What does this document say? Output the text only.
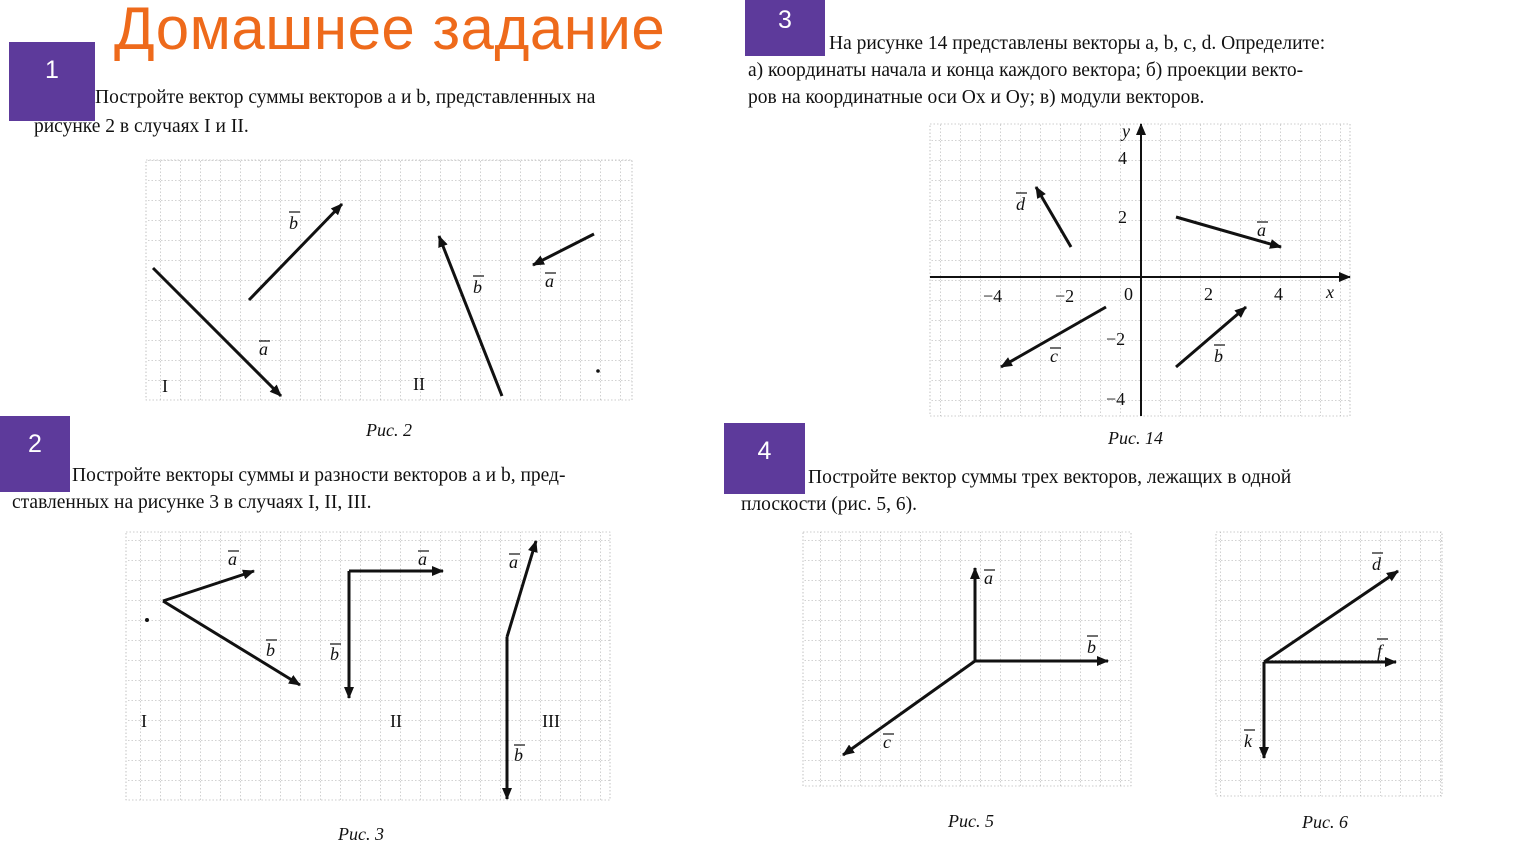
b
a
b	a
I	II
x
y
0
−4	−2	2	4
4
2
−2
−4
a
b
c
d
a
b
a
b
a
b
I	II	III
a
b
c
d
f
k
Домашнее задание
1
2
3
4
Постройте вектор суммы векторов a и b, представленных на
рисунке 2 в случаях I и II.
Постройте векторы суммы и разности векторов a и b, пред-
ставленных на рисунке 3 в случаях I, II, III.
На рисунке 14 представлены векторы a, b, c, d. Определите:
а) координаты начала и конца каждого вектора; б) проекции векто-
ров на координатные оси Ox и Oy; в) модули векторов.
Постройте вектор суммы трех векторов, лежащих в одной
плоскости (рис. 5, 6).
Рис. 2	Рис. 14
Рис. 3
Рис. 5	Рис. 6
